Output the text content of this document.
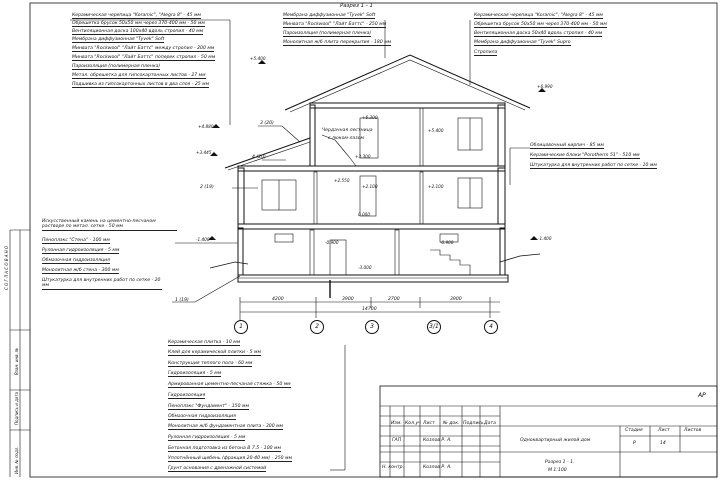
Разрез 1 - 1
Керамическая черепица "Koramic", "Alegra 8" - 45 мм
Обрешетка брусок 50х50 мм через 370-400 мм - 50 мм
Вентиляционная доска 100х40 вдоль стропил - 40 мм
Мембрана диффузионная "Tyvek" Soft
Минвата "Rockwool" "Лайт Баттс" между стропил - 200 мм
Минвата "Rockwool" "Лайт Баттс" поперек стропил - 50 мм
Пароизоляция (полимерная пленка)
Метал. обрешетка для гипсокартонных листов - 27 мм
Подшивка из гипсокартонных листов в два слоя - 25 мм
Мембрана диффузионная "Tyvek" Soft
Минвата "Rockwool" "Лайт Баттс" - 250 мм
Пароизоляция (полимерная пленка)
Монолитная ж/б плита перекрытия - 180 мм
Керамическая черепица "Koramic", "Alegra 8" - 45 мм
Обрешетка брусок 50х50 мм через 370-400 мм - 50 мм
Вентиляционная доска 50х40 вдоль стропил - 40 мм
Мембрана диффузионная "Tyvek" Supro
Стропила
Облицовочный кирпич - 85 мм
Керамические блоки "Porotherm 51" - 510 мм
Штукатурка для внутренних работ по сетке - 10 мм
Искусственный камень на цементно-песчаном растворе по метал. сетке - 50 мм
Пеноплэкс "Стена" - 100 мм
Рулонная гидроизоляция - 5 мм
Обмазочная гидроизоляция
Монолитная ж/б стена - 300 мм
Штукатурка для внутренних работ по сетке - 20 мм
Керамическая плитка - 10 мм
Клей для керамической плитки - 5 мм
Конструкция теплого пола - 60 мм
Гидроизоляция - 5 мм
Армированная цементно-песчаная стяжка - 50 мм
Гидроизоляция
Пеноплэкс "Фундамент" - 150 мм
Обмазочная гидроизоляция
Монолитная ж/б фундаментная плита - 300 мм
Рулонная гидроизоляция - 5 мм
Бетонная подготовка из бетона В 7.5 - 100 мм
Уплотнённый щебень (фракция 20-40 мм) - 250 мм
Грунт основания с дренажной системой
Чердачная лестница
с люком-лазом
3 (20)
4 (20)
2 (19)
1 (19)
+5.400
+6.990
+4.880
+3.445
+3.300
+2.550
+2.100
0.000
-1.400
-0.900
-3.000
+6.300
+5.400
+2.100
-1.400
-0.900
4200	3900	2700	3900
14700
1	2	3	3/1	4
С О Г Л А С О В А Н О
Взам. инв. №
Подпись и дата
Инв. № подл.
АР
Изм. Кол.уч Лист № док. Подпись Дата
ГАП	Козлов Р. А.
Н. контр.	Козлов Р. А.
Одноквартирный жилой дом
Стадия	Лист	Листов
Р	14
Разрез 1 - 1.
М 1:100
